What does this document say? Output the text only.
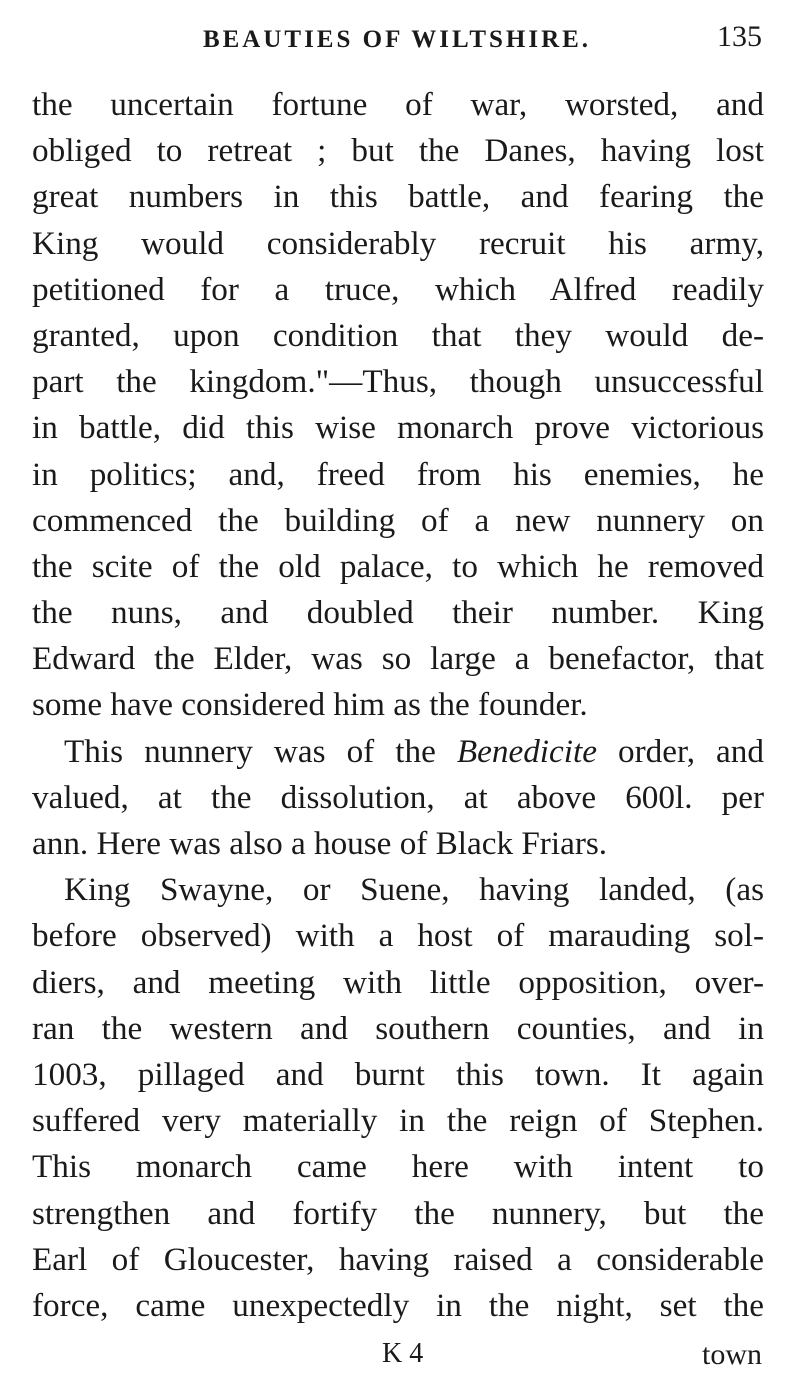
BEAUTIES OF WILTSHIRE.	135
the uncertain fortune of war, worsted, and
obliged to retreat ; but the Danes, having lost
great numbers in this battle, and fearing the
King would considerably recruit his army,
petitioned for a truce, which Alfred readily
granted, upon condition that they would de-
part the kingdom."—Thus, though unsuccessful
in battle, did this wise monarch prove victorious
in politics; and, freed from his enemies, he
commenced the building of a new nunnery on
the scite of the old palace, to which he removed
the nuns, and doubled their number. King
Edward the Elder, was so large a benefactor, that
some have considered him as the founder.
This nunnery was of the Benedicite order, and
valued, at the dissolution, at above 600l. per
ann. Here was also a house of Black Friars.
King Swayne, or Suene, having landed, (as
before observed) with a host of marauding sol-
diers, and meeting with little opposition, over-
ran the western and southern counties, and in
1003, pillaged and burnt this town. It again
suffered very materially in the reign of Stephen.
This monarch came here with intent to
strengthen and fortify the nunnery, but the
Earl of Gloucester, having raised a considerable
force, came unexpectedly in the night, set the
K 4	town
